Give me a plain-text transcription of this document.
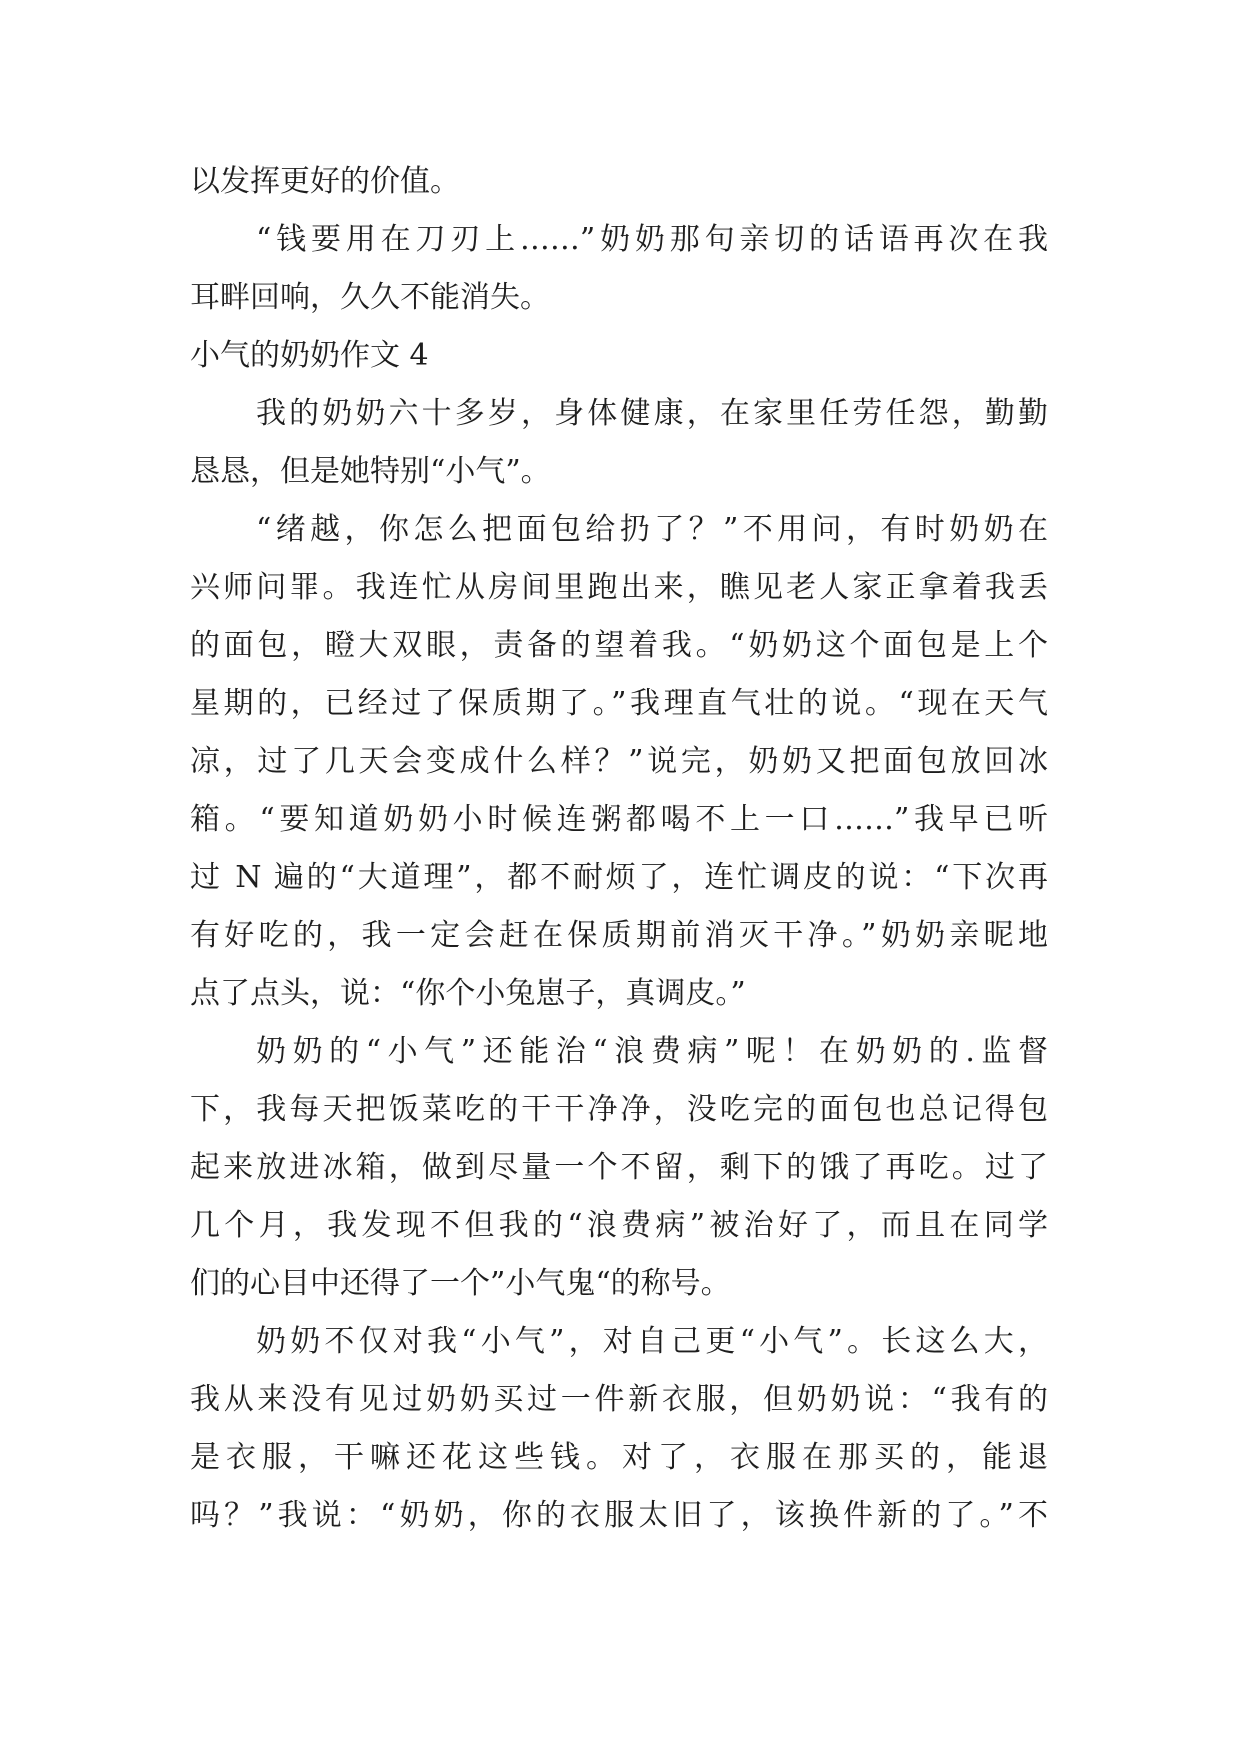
以发挥更好的价值。
“钱要用在刀刃上……”奶奶那句亲切的话语再次在我
耳畔回响，久久不能消失。
小气的奶奶作文 4
我的奶奶六十多岁，身体健康，在家里任劳任怨，勤勤
恳恳，但是她特别“小气”。
“绪越，你怎么把面包给扔了？”不用问，有时奶奶在
兴师问罪。我连忙从房间里跑出来，瞧见老人家正拿着我丢
的面包，瞪大双眼，责备的望着我。“奶奶这个面包是上个
星期的，已经过了保质期了。”我理直气壮的说。“现在天气
凉，过了几天会变成什么样？”说完，奶奶又把面包放回冰
箱。“要知道奶奶小时候连粥都喝不上一口……”我早已听
过 N 遍的“大道理”，都不耐烦了，连忙调皮的说：“下次再
有好吃的，我一定会赶在保质期前消灭干净。”奶奶亲昵地
点了点头，说：“你个小兔崽子，真调皮。”
奶奶的“小气”还能治“浪费病”呢！在奶奶的.监督
下，我每天把饭菜吃的干干净净，没吃完的面包也总记得包
起来放进冰箱，做到尽量一个不留，剩下的饿了再吃。过了
几个月，我发现不但我的“浪费病”被治好了，而且在同学
们的心目中还得了一个”小气鬼“的称号。
奶奶不仅对我“小气”，对自己更“小气”。长这么大，
我从来没有见过奶奶买过一件新衣服，但奶奶说：“我有的
是衣服，干嘛还花这些钱。对了，衣服在那买的，能退
吗？”我说：“奶奶，你的衣服太旧了，该换件新的了。”不
